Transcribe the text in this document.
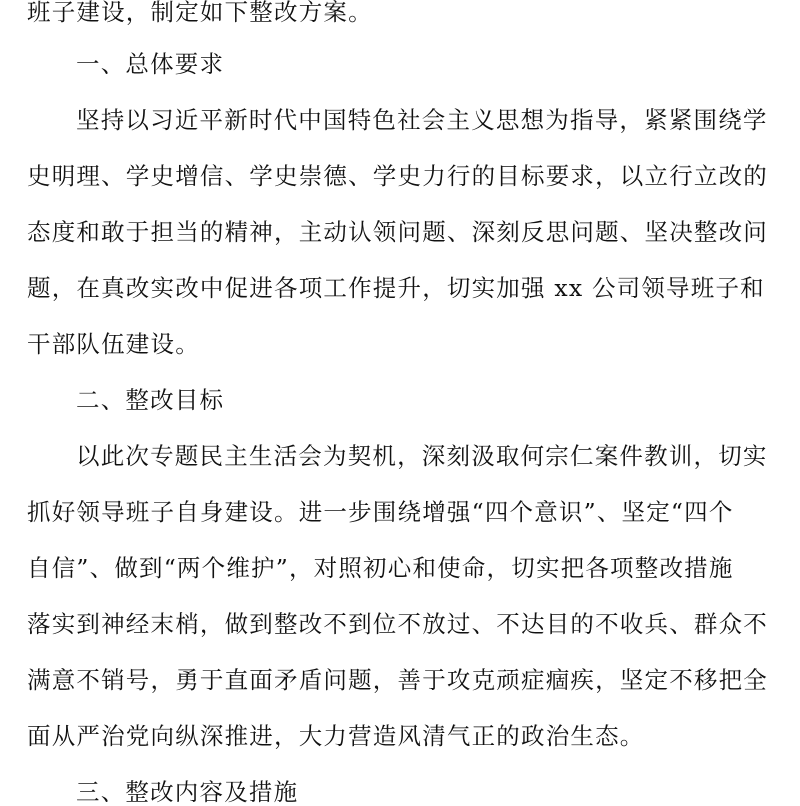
班子建设，制定如下整改方案。
一、总体要求
坚持以习近平新时代中国特色社会主义思想为指导，紧紧围绕学
史明理、学史增信、学史崇德、学史力行的目标要求，以立行立改的
态度和敢于担当的精神，主动认领问题、深刻反思问题、坚决整改问
题，在真改实改中促进各项工作提升，切实加强 xx 公司领导班子和
干部队伍建设。
二、整改目标
以此次专题民主生活会为契机，深刻汲取何宗仁案件教训，切实
抓好领导班子自身建设。进一步围绕增强“四个意识”、坚定“四个
自信”、做到“两个维护”，对照初心和使命，切实把各项整改措施
落实到神经末梢，做到整改不到位不放过、不达目的不收兵、群众不
满意不销号，勇于直面矛盾问题，善于攻克顽症痼疾，坚定不移把全
面从严治党向纵深推进，大力营造风清气正的政治生态。
三、整改内容及措施
